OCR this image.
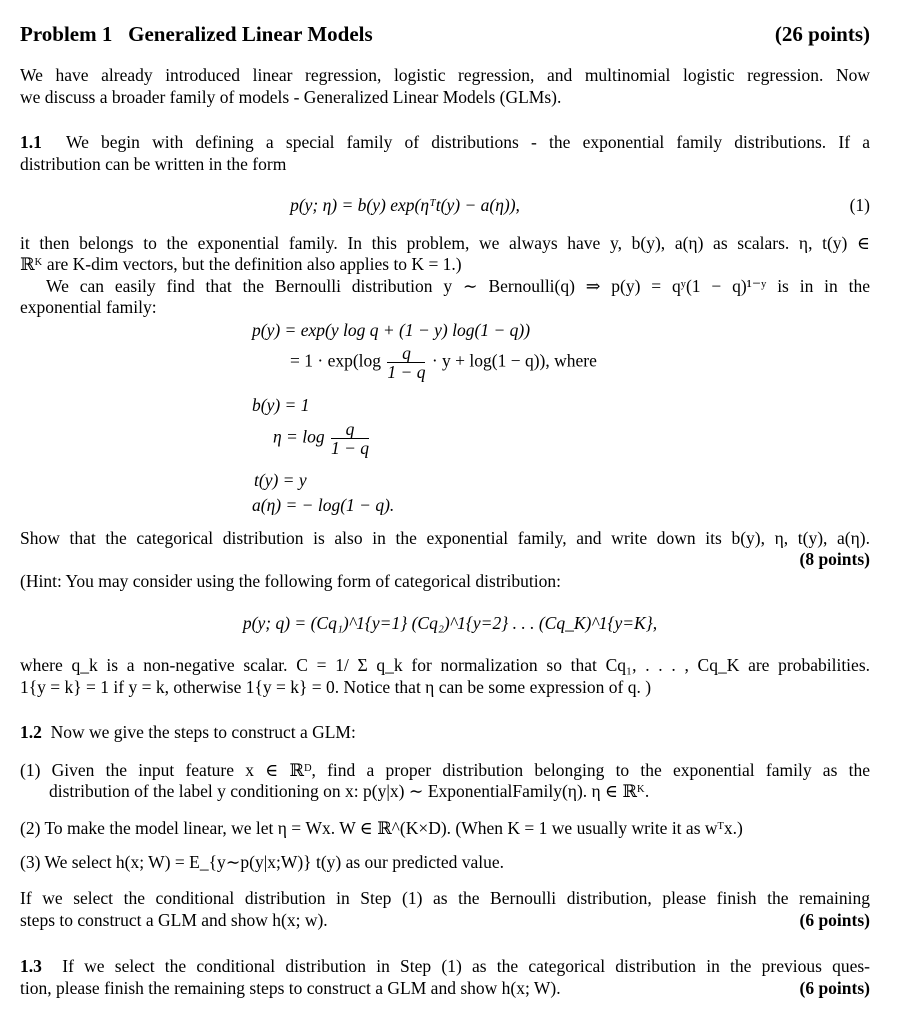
Problem 1 Generalized Linear Models	(26 points)
We have already introduced linear regression, logistic regression, and multinomial logistic regression. Now
we discuss a broader family of models - Generalized Linear Models (GLMs).
1.1 We begin with defining a special family of distributions - the exponential family distributions. If a
distribution can be written in the form
p(y; η) = b(y) exp(ηᵀt(y) − a(η)),	(1)
it then belongs to the exponential family. In this problem, we always have y, b(y), a(η) as scalars. η, t(y) ∈
ℝᴷ are K-dim vectors, but the definition also applies to K = 1.)
We can easily find that the Bernoulli distribution y ∼ Bernoulli(q) ⇒ p(y) = qʸ(1 − q)¹⁻ʸ is in in the
exponential family:
p(y) = exp(y log q + (1 − y) log(1 − q))
= $1 \cdot \exp(\log \frac{q}{1 - q} \cdot y + \log(1 - q))$, where
b(y) = 1
$\eta = \log \frac{q}{1 - q}$
t(y) = y
a(η) = − log(1 − q).
Show that the categorical distribution is also in the exponential family, and write down its b(y), η, t(y), a(η).
(8 points)
(Hint: You may consider using the following form of categorical distribution:
p(y; q) = (Cq₁)^1{y=1} (Cq₂)^1{y=2} . . . (Cq_K)^1{y=K},
where q_k is a non-negative scalar. C = 1/ Σ q_k for normalization so that Cq₁, . . . , Cq_K are probabilities.
1{y = k} = 1 if y = k, otherwise 1{y = k} = 0. Notice that η can be some expression of q. )
1.2 Now we give the steps to construct a GLM:
(1) Given the input feature x ∈ ℝᴰ, find a proper distribution belonging to the exponential family as the
distribution of the label y conditioning on x: p(y|x) ∼ ExponentialFamily(η). η ∈ ℝᴷ.
(2) To make the model linear, we let η = Wx. W ∈ ℝ^(K×D). (When K = 1 we usually write it as wᵀx.)
(3) We select h(x; W) = E_{y∼p(y|x;W)} t(y) as our predicted value.
If we select the conditional distribution in Step (1) as the Bernoulli distribution, please finish the remaining
steps to construct a GLM and show h(x; w).	(6 points)
1.3 If we select the conditional distribution in Step (1) as the categorical distribution in the previous ques-
tion, please finish the remaining steps to construct a GLM and show h(x; W).	(6 points)
